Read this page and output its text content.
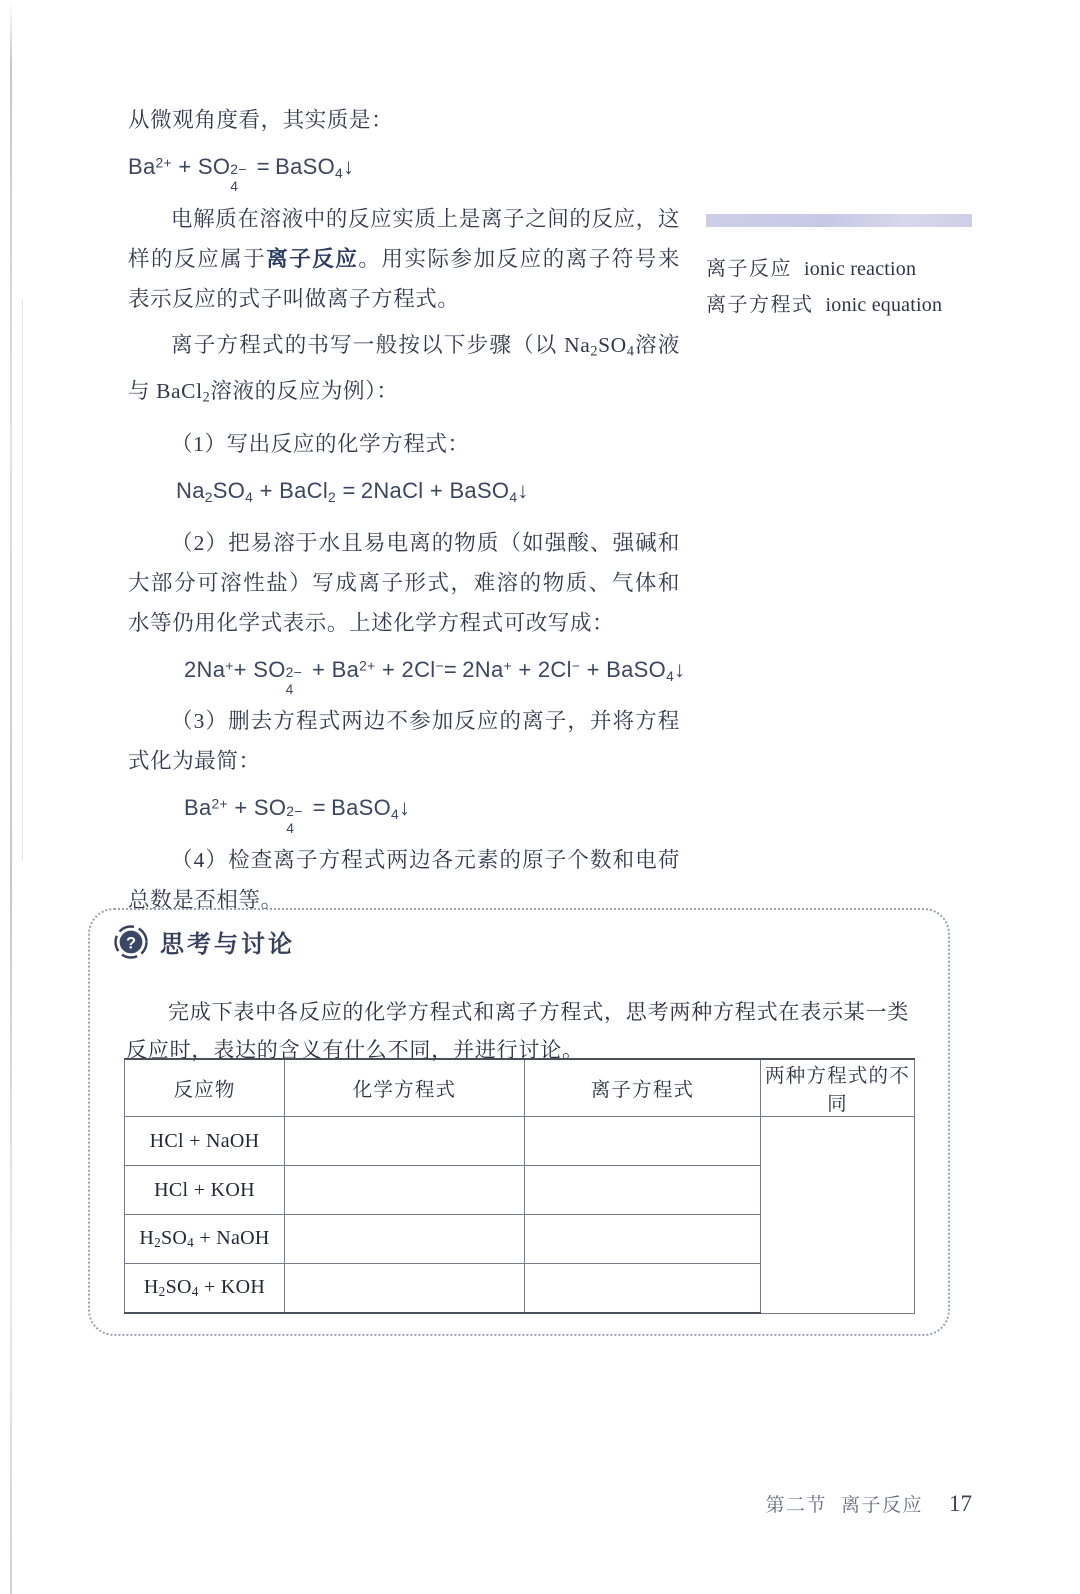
从微观角度看，其实质是：

$Ba^{2+}$ + SO 2−
4
= BaSO$_4$↓

电解质在溶液中的反应实质上是离子之间的反应，这样的反应属于离子反应。用实际参加反应的离子符号来表示反应的式子叫做离子方程式。

离子方程式的书写一般按以下步骤（以 $Na_2SO_4$溶液与 BaCl$_2$溶液的反应为例）：

（1）写出反应的化学方程式：

$Na_2SO_4$ + BaCl$_2$ = 2NaCl + BaSO$_4$↓

（2）把易溶于水且易电离的物质（如强酸、强碱和大部分可溶性盐）写成离子形式，难溶的物质、气体和水等仍用化学式表示。上述化学方程式可改写成：

2Na++ SO 2−
4
+ $Ba^{2+} + 2Cl^-= 2Na^+ + 2Cl^-$ + BaSO$_4$↓

（3）删去方程式两边不参加反应的离子，并将方程式化为最简：

$Ba^{2+}$ + SO 2−
4
= BaSO$_4$↓

（4）检查离子方程式两边各元素的原子个数和电荷总数是否相等。

离子反应 ionic reaction
离子方程式 ionic equation
? 思考与讨论

完成下表中各反应的化学方程式和离子方程式，思考两种方程式在表示某一类反应时，表达的含义有什么不同，并进行讨论。

反应物	化学方程式	离子方程式	两种方程式的不同
HCl + NaOH			
HCl + KOH			
$H_2SO_4$ + NaOH			
$H_2SO_4$ + KOH			
第二节 离子反应 17
